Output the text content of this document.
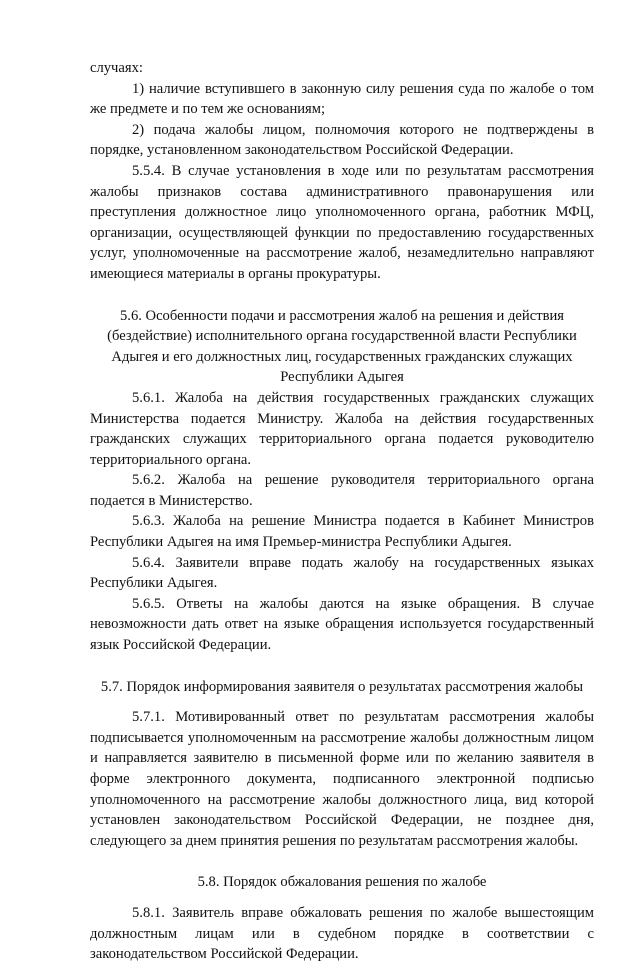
случаях:

1) наличие вступившего в законную силу решения суда по жалобе о том же предмете и по тем же основаниям;

2) подача жалобы лицом, полномочия которого не подтверждены в порядке, установленном законодательством Российской Федерации.

5.5.4. В случае установления в ходе или по результатам рассмотрения жалобы признаков состава административного правонарушения или преступления должностное лицо уполномоченного органа, работник МФЦ, организации, осуществляющей функции по предоставлению государственных услуг, уполномоченные на рассмотрение жалоб, незамедлительно направляют имеющиеся материалы в органы прокуратуры.

5.6. Особенности подачи и рассмотрения жалоб на решения и действия (бездействие) исполнительного органа государственной власти Республики Адыгея и его должностных лиц, государственных гражданских служащих Республики Адыгея

5.6.1. Жалоба на действия государственных гражданских служащих Министерства подается Министру. Жалоба на действия государственных гражданских служащих территориального органа подается руководителю территориального органа.

5.6.2. Жалоба на решение руководителя территориального органа подается в Министерство.

5.6.3. Жалоба на решение Министра подается в Кабинет Министров Республики Адыгея на имя Премьер-министра Республики Адыгея.

5.6.4. Заявители вправе подать жалобу на государственных языках Республики Адыгея.

5.6.5. Ответы на жалобы даются на языке обращения. В случае невозможности дать ответ на языке обращения используется государственный язык Российской Федерации.

5.7. Порядок информирования заявителя о результатах рассмотрения жалобы

5.7.1. Мотивированный ответ по результатам рассмотрения жалобы подписывается уполномоченным на рассмотрение жалобы должностным лицом и направляется заявителю в письменной форме или по желанию заявителя в форме электронного документа, подписанного электронной подписью уполномоченного на рассмотрение жалобы должностного лица, вид которой установлен законодательством Российской Федерации, не позднее дня, следующего за днем принятия решения по результатам рассмотрения жалобы.

5.8. Порядок обжалования решения по жалобе

5.8.1. Заявитель вправе обжаловать решения по жалобе вышестоящим должностным лицам или в судебном порядке в соответствии с законодательством Российской Федерации.
